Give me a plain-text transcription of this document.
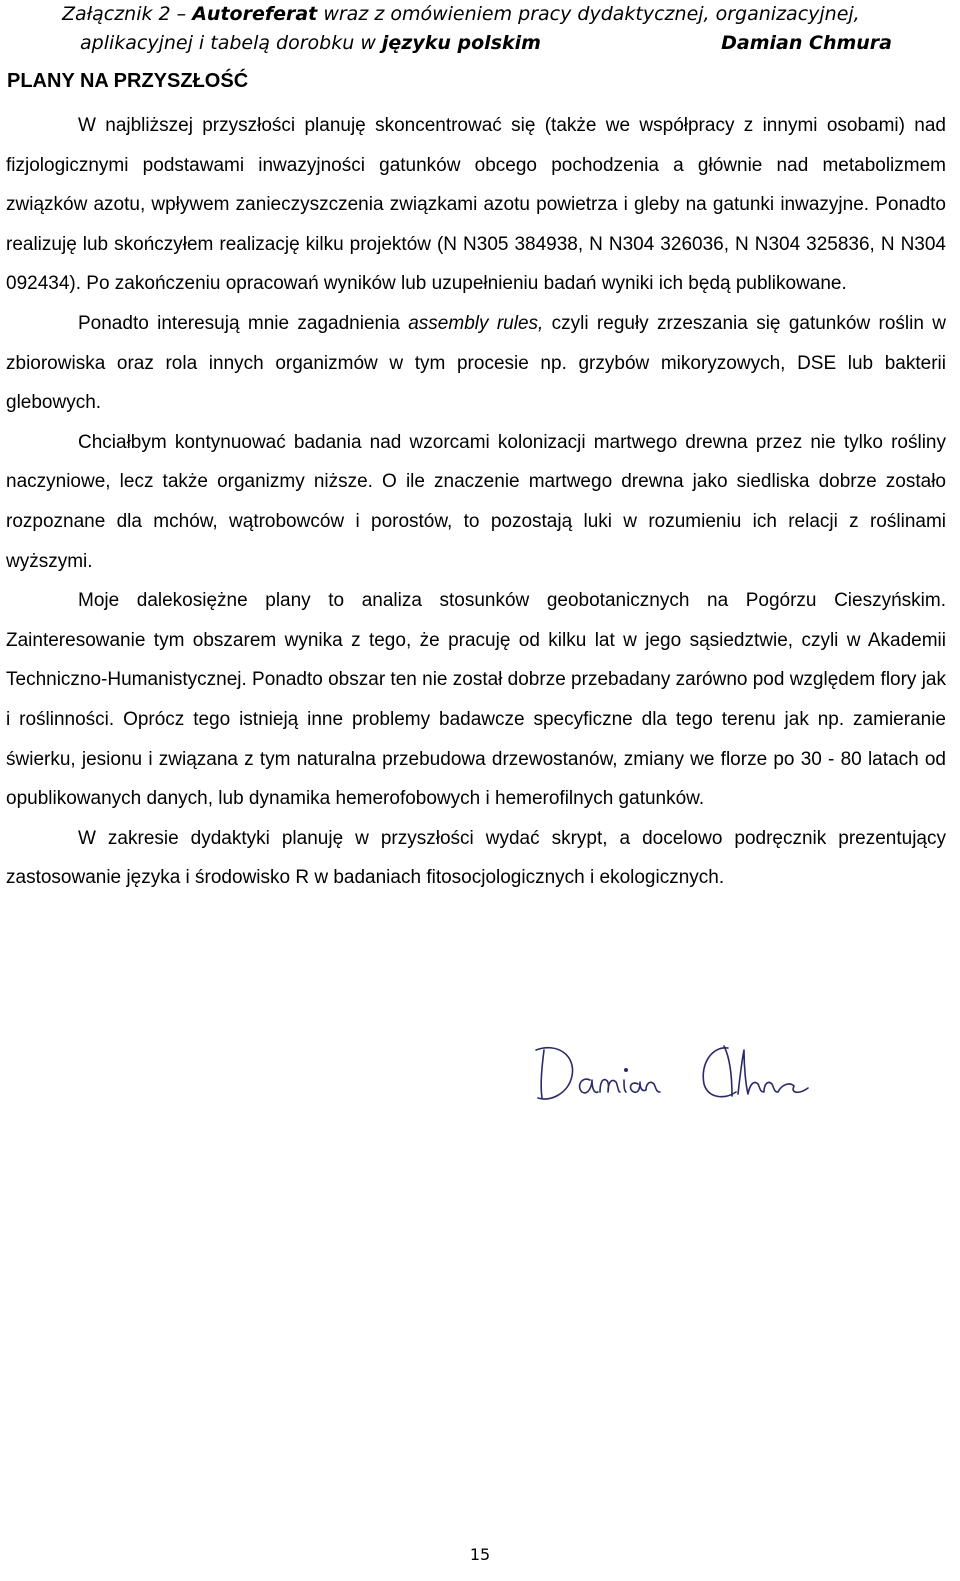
Załącznik 2 – Autoreferat wraz z omówieniem pracy dydaktycznej, organizacyjnej,
aplikacyjnej i tabelą dorobku w języku polskim	Damian Chmura
PLANY NA PRZYSZŁOŚĆ

W najbliższej przyszłości planuję skoncentrować się (także we współpracy z innymi osobami) nad fizjologicznymi podstawami inwazyjności gatunków obcego pochodzenia a głównie nad metabolizmem związków azotu, wpływem zanieczyszczenia związkami azotu powietrza i gleby na gatunki inwazyjne. Ponadto realizuję lub skończyłem realizację kilku projektów (N N305 384938, N N304 326036, N N304 325836, N N304 092434). Po zakończeniu opracowań wyników lub uzupełnieniu badań wyniki ich będą publikowane.

Ponadto interesują mnie zagadnienia assembly rules, czyli reguły zrzeszania się gatunków roślin w zbiorowiska oraz rola innych organizmów w tym procesie np. grzybów mikoryzowych, DSE lub bakterii glebowych.

Chciałbym kontynuować badania nad wzorcami kolonizacji martwego drewna przez nie tylko rośliny naczyniowe, lecz także organizmy niższe. O ile znaczenie martwego drewna jako siedliska dobrze zostało rozpoznane dla mchów, wątrobowców i porostów, to pozostają luki w rozumieniu ich relacji z roślinami wyższymi.

Moje dalekosiężne plany to analiza stosunków geobotanicznych na Pogórzu Cieszyńskim. Zainteresowanie tym obszarem wynika z tego, że pracuję od kilku lat w jego sąsiedztwie, czyli w Akademii Techniczno-Humanistycznej. Ponadto obszar ten nie został dobrze przebadany zarówno pod względem flory jak i roślinności. Oprócz tego istnieją inne problemy badawcze specyficzne dla tego terenu jak np. zamieranie świerku, jesionu i związana z tym naturalna przebudowa drzewostanów, zmiany we florze po 30 - 80 latach od opublikowanych danych, lub dynamika hemerofobowych i hemerofilnych gatunków.

W zakresie dydaktyki planuję w przyszłości wydać skrypt, a docelowo podręcznik prezentujący zastosowanie języka i środowisko R w badaniach fitosocjologicznych i ekologicznych.

15
